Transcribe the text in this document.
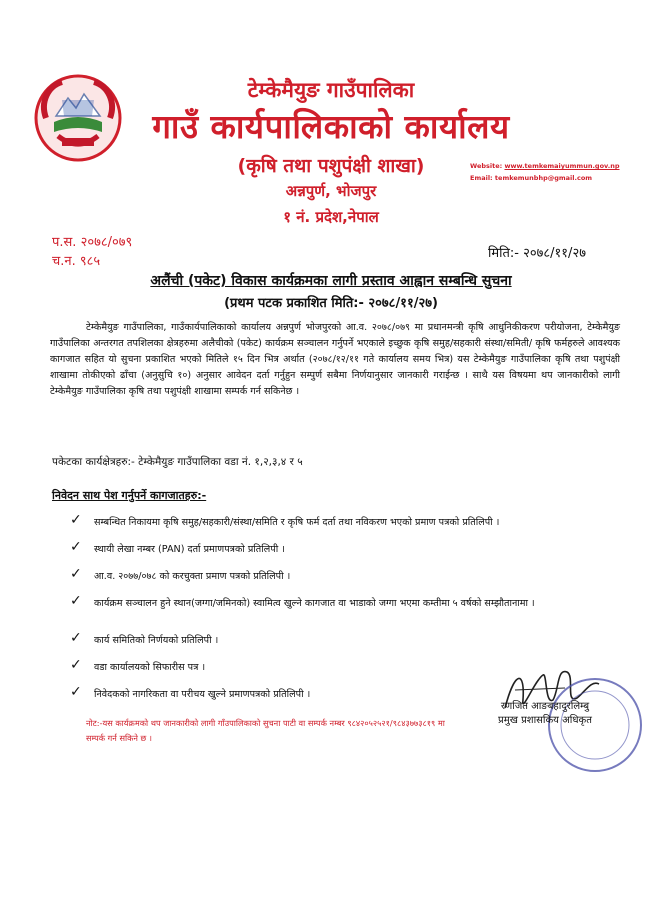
टेम्केमैयुङ गाउँपालिका
गाउँ कार्यपालिकाको कार्यालय
(कृषि तथा पशुपंक्षी शाखा)
अन्नपुर्ण, भोजपुर
१ नं. प्रदेश,नेपाल
Website: www.temkemaiyummun.gov.np
Email: temkemunbhp@gmail.com
प.स. २०७८/०७९
च.न. ९८५
मिति:- २०७८/११/२७
अलैंची (पकेट) विकास कार्यक्रमका लागी प्रस्ताव आह्वान सम्बन्धि सुचना
(प्रथम पटक प्रकाशित मिति:- २०७८/११/२७)
टेम्केमैयुङ गाउँपालिका, गाउँकार्यपालिकाको कार्यालय अन्नपुर्ण भोजपुरको आ.व. २०७८/०७९ मा प्रधानमन्त्री कृषि आधुनिकीकरण परीयोजना, टेम्केमैयुङ गाउँपालिका अन्तरगत तपशिलका क्षेत्रहरुमा अलैचीको (पकेट) कार्यक्रम सञ्चालन गर्नुपर्ने भएकाले इच्छुक कृषि समुह/सहकारी संस्था/समिती/ कृषि फर्महरुले आवश्यक कागजात सहित यो सुचना प्रकाशित भएको मितिले १५ दिन भित्र अर्थात (२०७८/१२/११ गते कार्यालय समय भित्र) यस टेम्केमैयुङ गाउँपालिका कृषि तथा पशुपंक्षी शाखामा तोकीएको ढाँचा (अनुसुचि १०) अनुसार आवेदन दर्ता गर्नुहुन सम्पुर्ण सबैमा निर्णयानुसार जानकारी गराईन्छ । साथै यस विषयमा थप जानकारीको लागी टेम्केमैयुङ गाउँपालिका कृषि तथा पशुपंक्षी शाखामा सम्पर्क गर्न सकिनेछ ।
पकेटका कार्यक्षेत्रहरु:- टेम्केमैयुङ गाउँपालिका वडा नं. १,२,३,४ र ५
निवेदन साथ पेश गर्नुपर्ने कागजातहरु:-
✓ सम्बन्धित निकायमा कृषि समुह/सहकारी/संस्था/समिति र कृषि फर्म दर्ता तथा नविकरण भएको प्रमाण पत्रको प्रतिलिपी ।
✓ स्थायी लेखा नम्बर (PAN) दर्ता प्रमाणपत्रको प्रतिलिपी ।
✓ आ.व. २०७७/०७८ को करचुक्ता प्रमाण पत्रको प्रतिलिपी ।
✓ कार्यक्रम सञ्चालन हुने स्थान(जग्गा/जमिनको) स्वामित्व खुल्ने कागजात वा भाडाको जग्गा भएमा कम्तीमा ५ वर्षको सम्झौतानामा ।
✓ कार्य समितिको निर्णयको प्रतिलिपी ।
✓ वडा कार्यालयको सिफारीस पत्र ।
✓ निवेदकको नागरिकता वा परीचय खुल्ने प्रमाणपत्रको प्रतिलिपी ।
नोट:-यस कार्यक्रमको थप जानकारीको लागी गाँउपालिकाको सुचना पाटी वा सम्पर्क नम्बर ९८४२०५२५२१/९८४३७७३८१९ मा सम्पर्क गर्न सकिने छ ।
रणजित आङबहादुरलिम्बु
प्रमुख प्रशासकिय अधिकृत
